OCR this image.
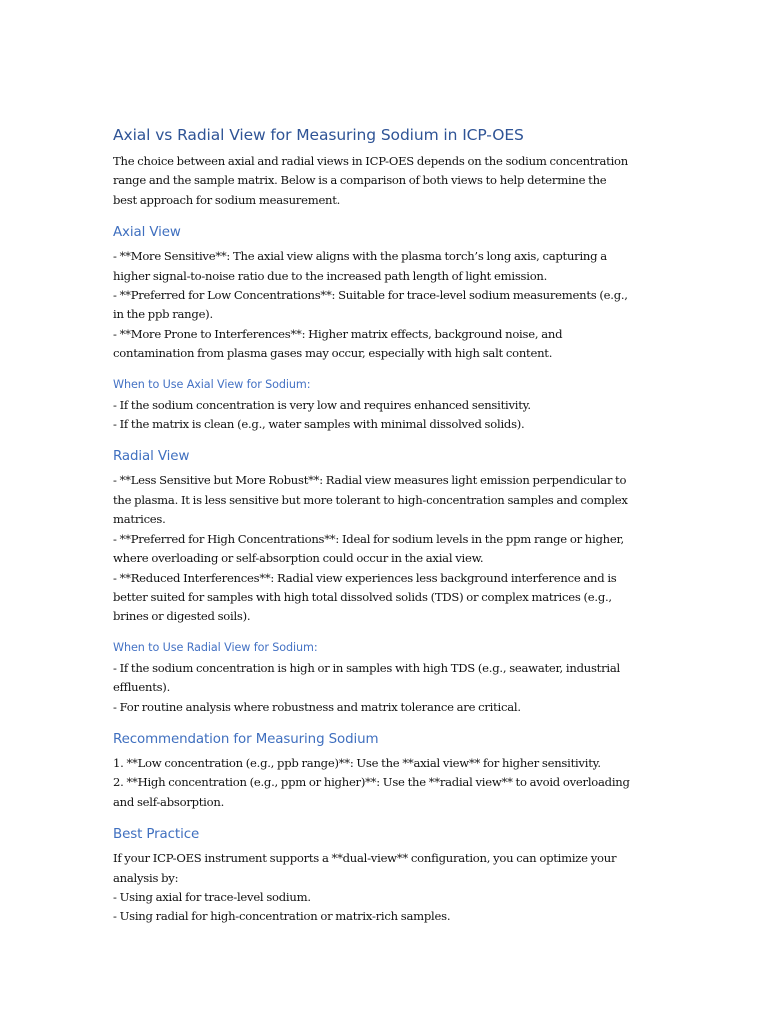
Axial vs Radial View for Measuring Sodium in ICP-OES

The choice between axial and radial views in ICP-OES depends on the sodium concentration
range and the sample matrix. Below is a comparison of both views to help determine the
best approach for sodium measurement.

Axial View

- **More Sensitive**: The axial view aligns with the plasma torch’s long axis, capturing a
higher signal-to-noise ratio due to the increased path length of light emission.
- **Preferred for Low Concentrations**: Suitable for trace-level sodium measurements (e.g.,
in the ppb range).
- **More Prone to Interferences**: Higher matrix effects, background noise, and
contamination from plasma gases may occur, especially with high salt content.

When to Use Axial View for Sodium:

- If the sodium concentration is very low and requires enhanced sensitivity.
- If the matrix is clean (e.g., water samples with minimal dissolved solids).

Radial View

- **Less Sensitive but More Robust**: Radial view measures light emission perpendicular to
the plasma. It is less sensitive but more tolerant to high-concentration samples and complex
matrices.
- **Preferred for High Concentrations**: Ideal for sodium levels in the ppm range or higher,
where overloading or self-absorption could occur in the axial view.
- **Reduced Interferences**: Radial view experiences less background interference and is
better suited for samples with high total dissolved solids (TDS) or complex matrices (e.g.,
brines or digested soils).

When to Use Radial View for Sodium:

- If the sodium concentration is high or in samples with high TDS (e.g., seawater, industrial
effluents).
- For routine analysis where robustness and matrix tolerance are critical.

Recommendation for Measuring Sodium

1. **Low concentration (e.g., ppb range)**: Use the **axial view** for higher sensitivity.
2. **High concentration (e.g., ppm or higher)**: Use the **radial view** to avoid overloading
and self-absorption.

Best Practice

If your ICP-OES instrument supports a **dual-view** configuration, you can optimize your
analysis by:
- Using axial for trace-level sodium.
- Using radial for high-concentration or matrix-rich samples.
